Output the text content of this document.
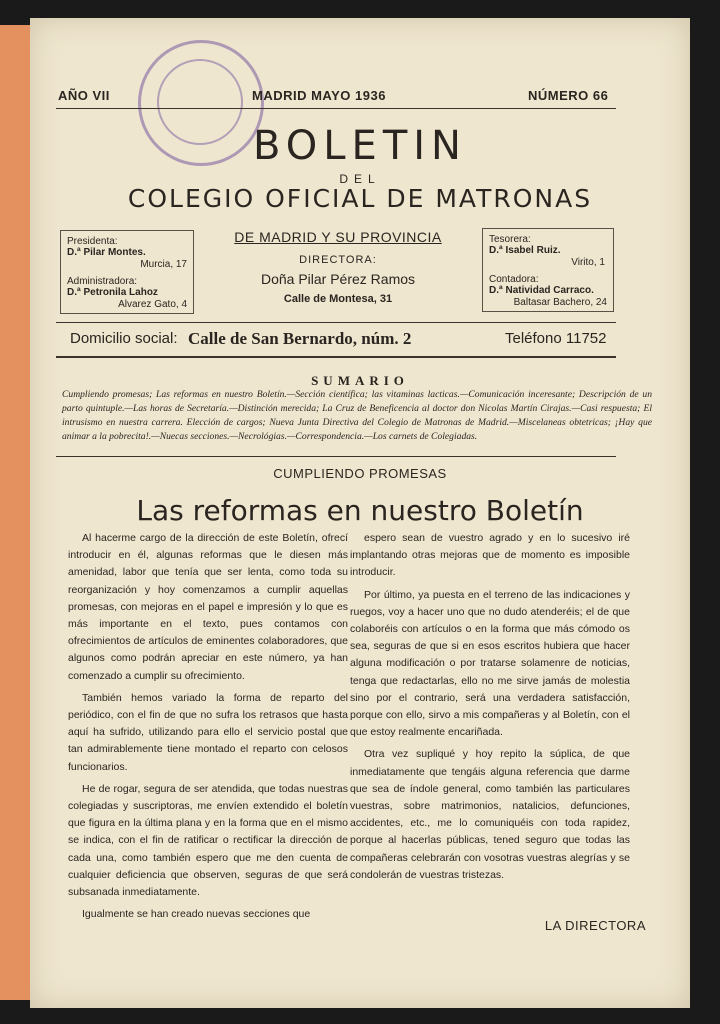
AÑO VII	MADRID MAYO 1936	NÚMERO 66
BOLETIN
DEL
COLEGIO OFICIAL DE MATRONAS
Presidenta:
D.ª Pilar Montes.
Murcia, 17
Administradora:
D.ª Petronila Lahoz
Alvarez Gato, 4
DE MADRID Y SU PROVINCIA
DIRECTORA:
Doña Pilar Pérez Ramos
Calle de Montesa, 31
Tesorera:
D.ª Isabel Ruiz.
Virito, 1
Contadora:
D.ª Natividad Carraco.
Baltasar Bachero, 24
Domicilio social: Calle de San Bernardo, núm. 2	Teléfono 11752
SUMARIO
Cumpliendo promesas; Las reformas en nuestro Boletín.—Sección científica; las vitaminas lacticas.—Comunicación inceresante; Descripción de un parto quintuple.—Las horas de Secretaría.—Distinción merecida; La Cruz de Beneficencia al doctor don Nicolas Martín Cirajas.—Casi respuesta; El intrusismo en nuestra carrera. Elección de cargos; Nueva Junta Directiva del Colegio de Matronas de Madrid.—Miscelaneas obtetricas; ¡Hay que animar a la pobrecita!.—Nuecas secciones.—Necrológias.—Correspondencia.—Los carnets de Colegiadas.
CUMPLIENDO PROMESAS
Las reformas en nuestro Boletín

Al hacerme cargo de la dirección de este Boletín, ofrecí introducir en él, algunas reformas que le diesen más amenidad, labor que tenía que ser lenta, como toda su reorganización y hoy comenzamos a cumplir aquellas promesas, con mejoras en el papel e impresión y lo que es más importante en el texto, pues contamos con ofrecimientos de artículos de eminentes colaboradores, que algunos como podrán apreciar en este número, ya han comenzado a cumplir su ofrecimiento.

También hemos variado la forma de reparto del periódico, con el fin de que no sufra los retrasos que hasta aquí ha sufrido, utilizando para ello el servicio postal que tan admirablemente tiene montado el reparto con celosos funcionarios.

He de rogar, segura de ser atendida, que todas nuestras colegiadas y suscriptoras, me envíen extendido el boletín que figura en la última plana y en la forma que en el mismo se indica, con el fin de ratificar o rectificar la dirección de cada una, como también espero que me den cuenta de cualquier deficiencia que observen, seguras de que será subsanada inmediatamente.

Igualmente se han creado nuevas secciones que

espero sean de vuestro agrado y en lo sucesivo iré implantando otras mejoras que de momento es imposible introducir.

Por último, ya puesta en el terreno de las indicaciones y ruegos, voy a hacer uno que no dudo atenderéis; el de que colaboréis con artículos o en la forma que más cómodo os sea, seguras de que si en esos escritos hubiera que hacer alguna modificación o por tratarse solamenre de noticias, tenga que redactarlas, ello no me sirve jamás de molestia sino por el contrario, será una verdadera satisfacción, porque con ello, sirvo a mis compañeras y al Boletín, con el que estoy realmente encariñada.

Otra vez supliqué y hoy repito la súplica, de que inmediatamente que tengáis alguna referencia que darme que sea de índole general, como también las particulares vuestras, sobre matrimonios, natalicios, defunciones, accidentes, etc., me lo comuniquéis con toda rapidez, porque al hacerlas públicas, tened seguro que todas las compañeras celebrarán con vosotras vuestras alegrías y se condolerán de vuestras tristezas.

LA DIRECTORA
